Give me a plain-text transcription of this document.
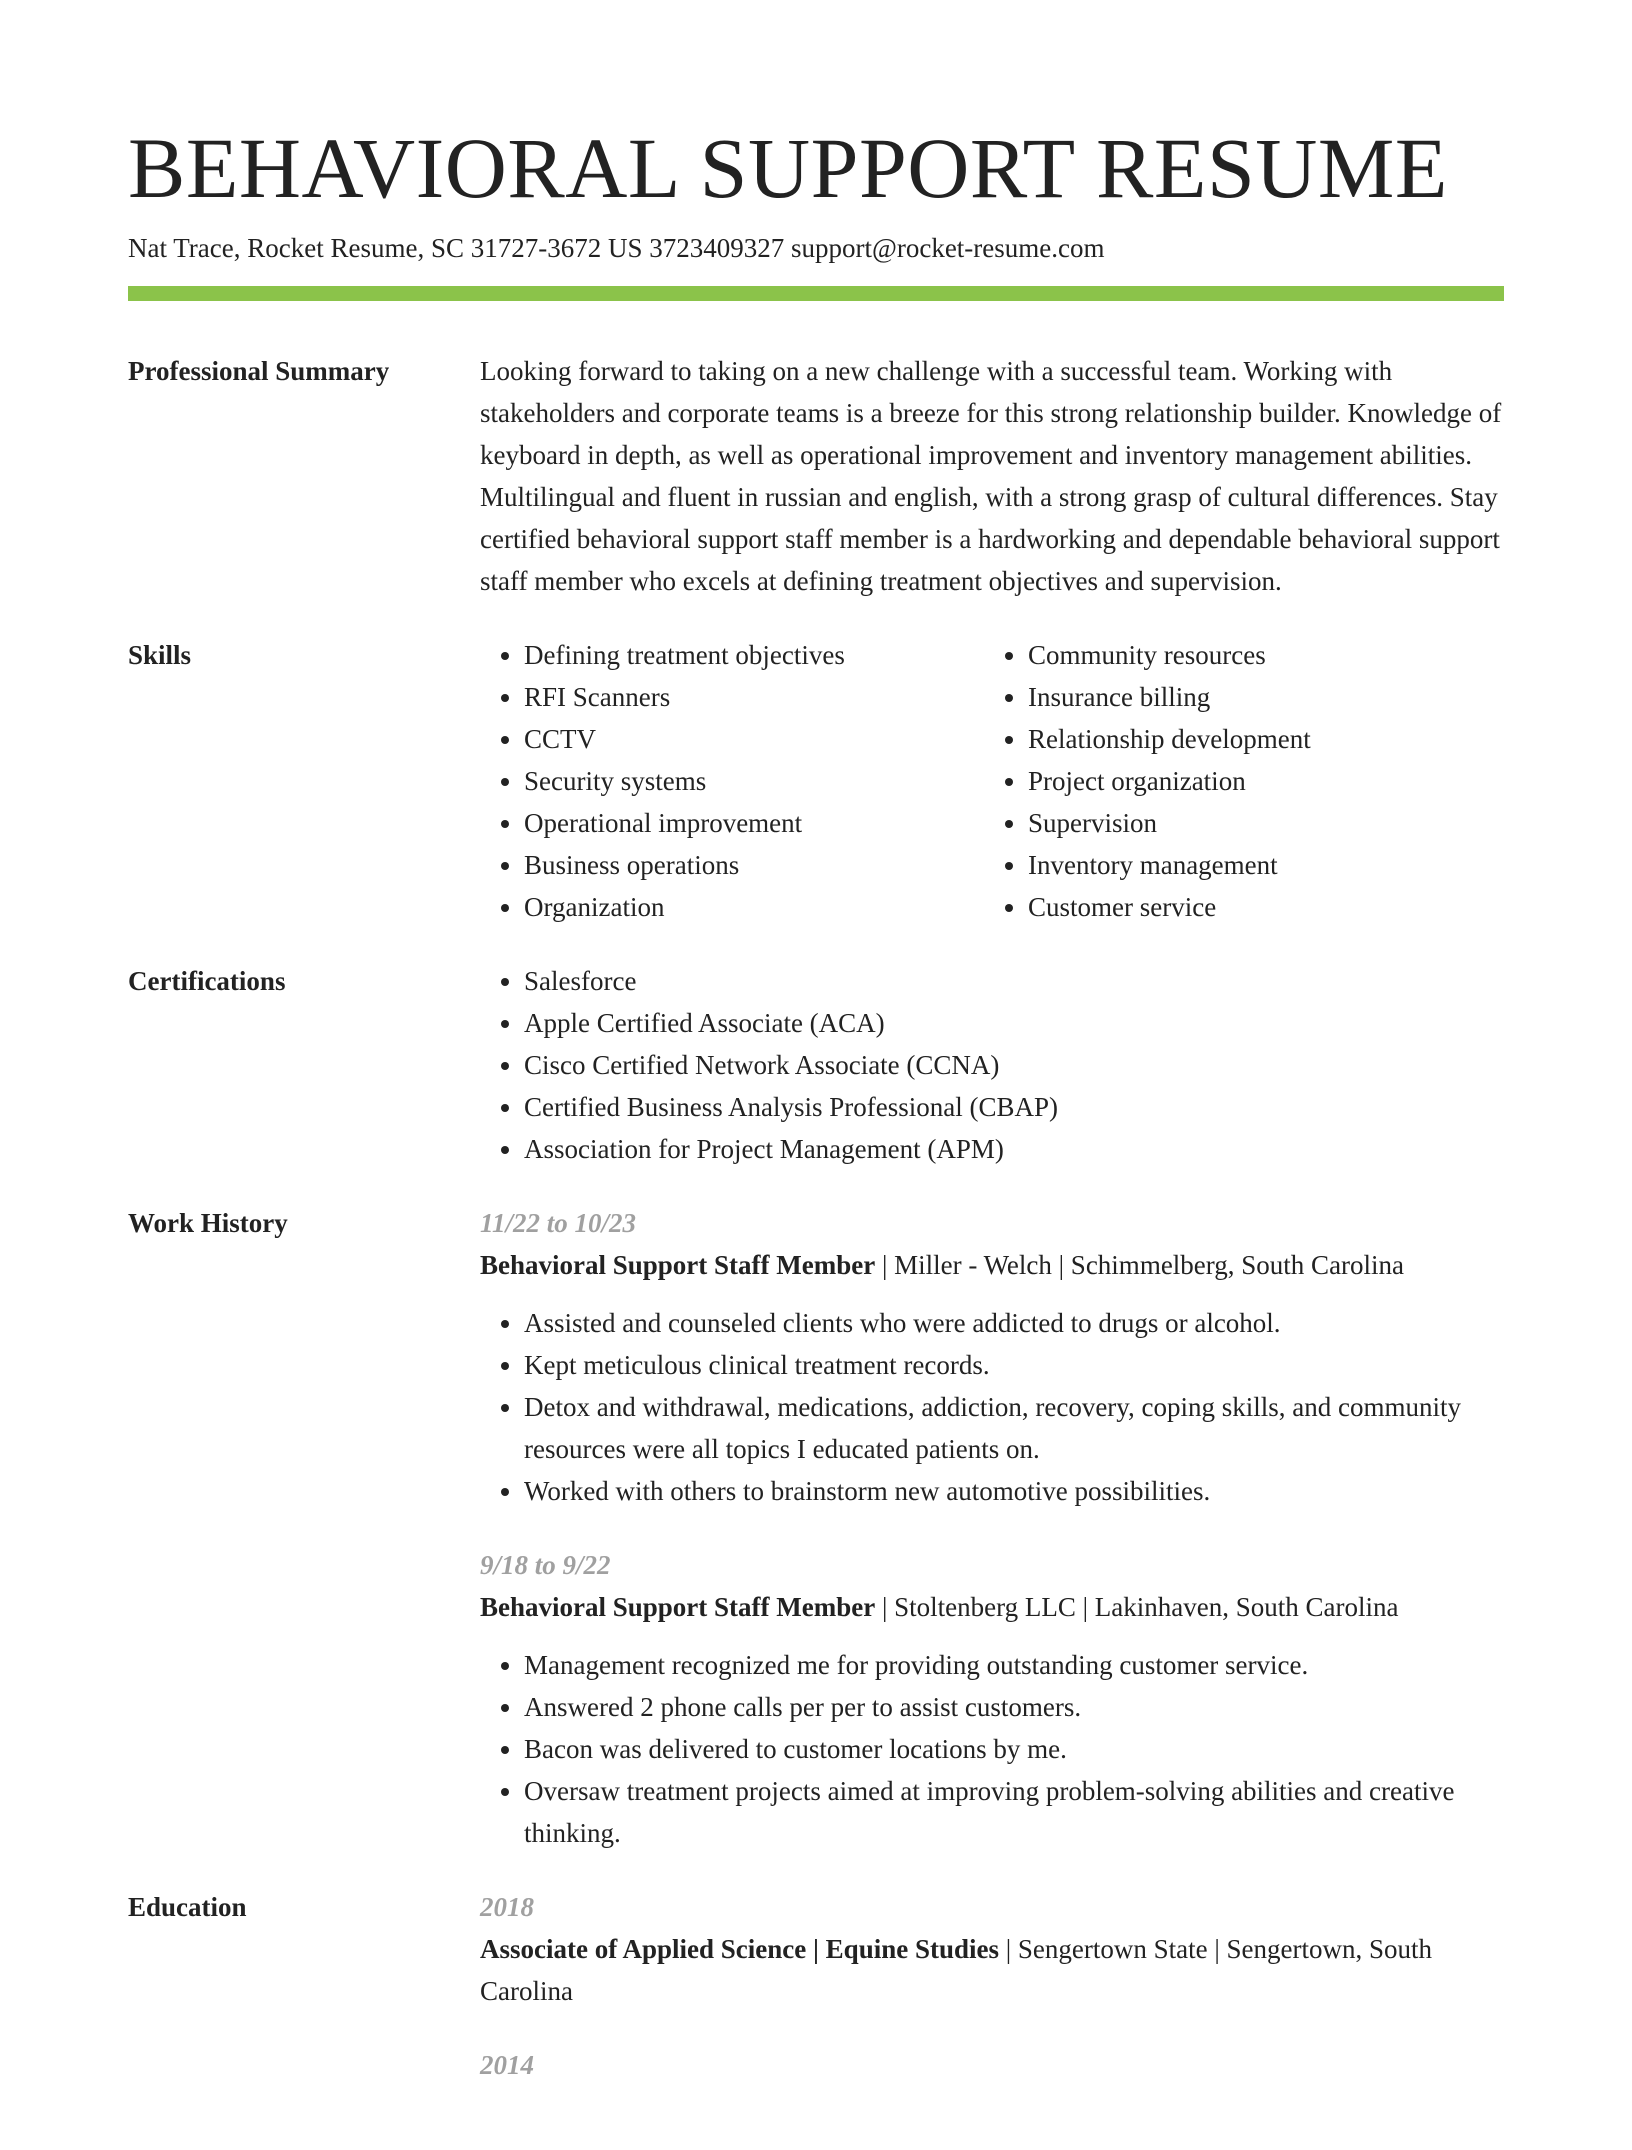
BEHAVIORAL SUPPORT RESUME
Nat Trace, Rocket Resume, SC 31727-3672 US 3723409327 support@rocket-resume.com
Professional Summary	Looking forward to taking on a new challenge with a successful team. Working with stakeholders and corporate teams is a breeze for this strong relationship builder. Knowledge of keyboard in depth, as well as operational improvement and inventory management abilities. Multilingual and fluent in russian and english, with a strong grasp of cultural differences. Stay certified behavioral support staff member is a hardworking and dependable behavioral support staff member who excels at defining treatment objectives and supervision.

Skills	• Defining treatment objectives
• RFI Scanners
• CCTV
• Security systems
• Operational improvement
• Business operations
• Organization
• Community resources
• Insurance billing
• Relationship development
• Project organization
• Supervision
• Inventory management
• Customer service
Certifications	• Salesforce
• Apple Certified Associate (ACA)
• Cisco Certified Network Associate (CCNA)
• Certified Business Analysis Professional (CBAP)
• Association for Project Management (APM)
Work History	11/22 to 10/23
Behavioral Support Staff Member | Miller - Welch | Schimmelberg, South Carolina
• Assisted and counseled clients who were addicted to drugs or alcohol.
• Kept meticulous clinical treatment records.
• Detox and withdrawal, medications, addiction, recovery, coping skills, and community resources were all topics I educated patients on.
• Worked with others to brainstorm new automotive possibilities.
9/18 to 9/22
Behavioral Support Staff Member | Stoltenberg LLC | Lakinhaven, South Carolina
• Management recognized me for providing outstanding customer service.
• Answered 2 phone calls per per to assist customers.
• Bacon was delivered to customer locations by me.
• Oversaw treatment projects aimed at improving problem-solving abilities and creative thinking.
Education	2018
Associate of Applied Science | Equine Studies | Sengertown State | Sengertown, South Carolina
2014
